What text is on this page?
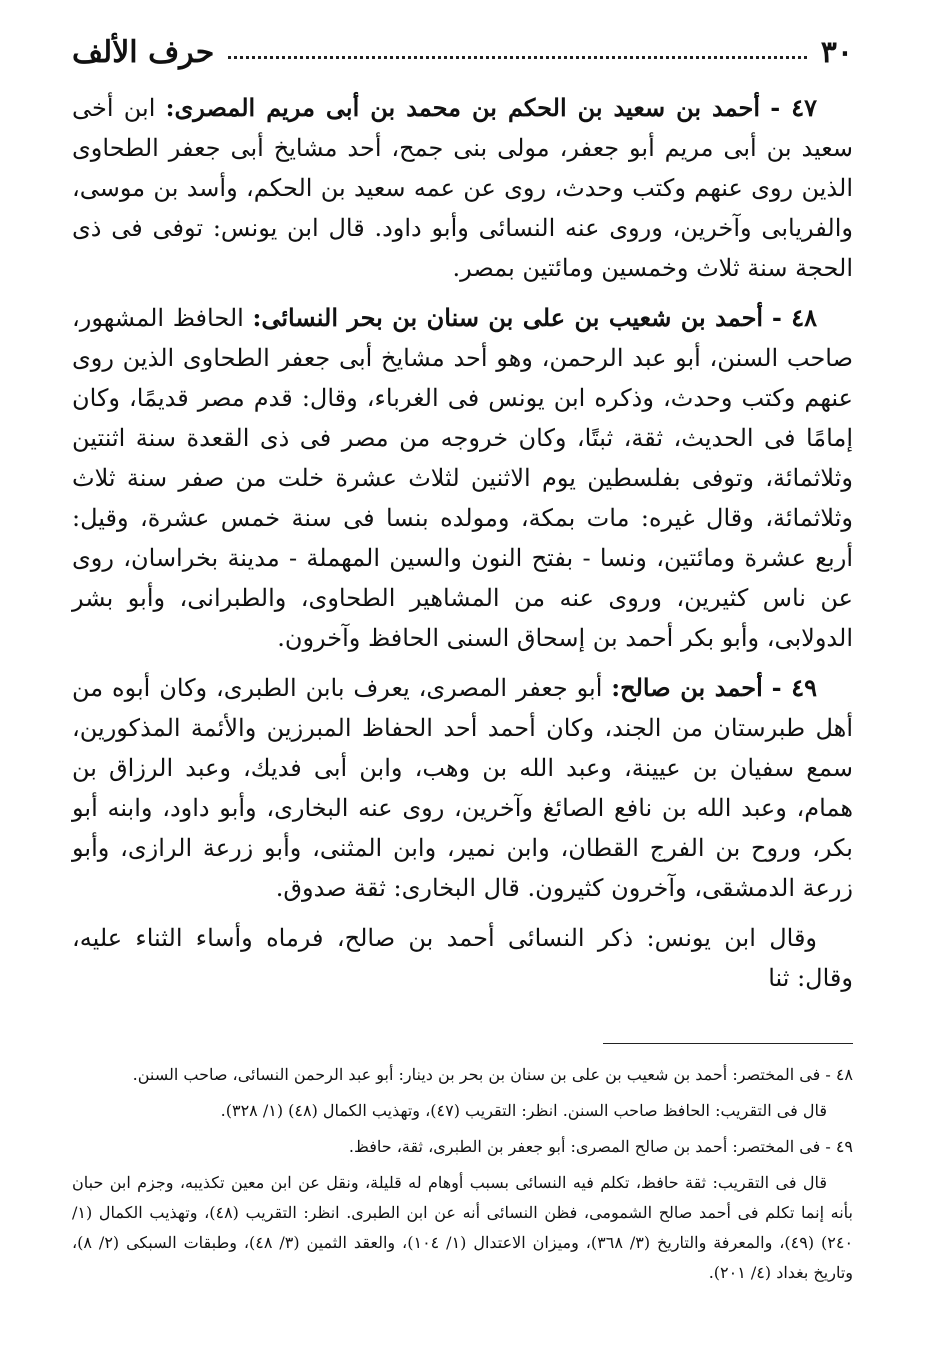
٣٠
حرف الألف

٤٧ - أحمد بن سعيد بن الحكم بن محمد بن أبى مريم المصرى: ابن أخى سعيد بن أبى مريم أبو جعفر، مولى بنى جمح، أحد مشايخ أبى جعفر الطحاوى الذين روى عنهم وكتب وحدث، روى عن عمه سعيد بن الحكم، وأسد بن موسى، والفريابى وآخرين، وروى عنه النسائى وأبو داود. قال ابن يونس: توفى فى ذى الحجة سنة ثلاث وخمسين ومائتين بمصر.

٤٨ - أحمد بن شعيب بن على بن سنان بن بحر النسائى: الحافظ المشهور، صاحب السنن، أبو عبد الرحمن، وهو أحد مشايخ أبى جعفر الطحاوى الذين روى عنهم وكتب وحدث، وذكره ابن يونس فى الغرباء، وقال: قدم مصر قديمًا، وكان إمامًا فى الحديث، ثقة، ثبتًا، وكان خروجه من مصر فى ذى القعدة سنة اثنتين وثلاثمائة، وتوفى بفلسطين يوم الاثنين لثلاث عشرة خلت من صفر سنة ثلاث وثلاثمائة، وقال غيره: مات بمكة، ومولده بنسا فى سنة خمس عشرة، وقيل: أربع عشرة ومائتين، ونسا - بفتح النون والسين المهملة - مدينة بخراسان، روى عن ناس كثيرين، وروى عنه من المشاهير الطحاوى، والطبرانى، وأبو بشر الدولابى، وأبو بكر أحمد بن إسحاق السنى الحافظ وآخرون.

٤٩ - أحمد بن صالح: أبو جعفر المصرى، يعرف بابن الطبرى، وكان أبوه من أهل طبرستان من الجند، وكان أحمد أحد الحفاظ المبرزين والأئمة المذكورين، سمع سفيان بن عيينة، وعبد الله بن وهب، وابن أبى فديك، وعبد الرزاق بن همام، وعبد الله بن نافع الصائغ وآخرين، روى عنه البخارى، وأبو داود، وابنه أبو بكر، وروح بن الفرج القطان، وابن نمير، وابن المثنى، وأبو زرعة الرازى، وأبو زرعة الدمشقى، وآخرون كثيرون. قال البخارى: ثقة صدوق.

وقال ابن يونس: ذكر النسائى أحمد بن صالح، فرماه وأساء الثناء عليه، وقال: ثنا

٤٨ - فى المختصر: أحمد بن شعيب بن على بن سنان بن بحر بن دينار: أبو عبد الرحمن النسائى، صاحب السنن.

قال فى التقريب: الحافظ صاحب السنن. انظر: التقريب (٤٧)، وتهذيب الكمال (٤٨) (١/ ٣٢٨).

٤٩ - فى المختصر: أحمد بن صالح المصرى: أبو جعفر بن الطبرى، ثقة، حافظ.

قال فى التقريب: ثقة حافظ، تكلم فيه النسائى بسبب أوهام له قليلة، ونقل عن ابن معين تكذيبه، وجزم ابن حبان بأنه إنما تكلم فى أحمد صالح الشمومى، فظن النسائى أنه عن ابن الطبرى. انظر: التقريب (٤٨)، وتهذيب الكمال (١/ ٢٤٠) (٤٩)، والمعرفة والتاريخ (٣/ ٣٦٨)، وميزان الاعتدال (١/ ١٠٤)، والعقد الثمين (٣/ ٤٨)، وطبقات السبكى (٢/ ٨)، وتاريخ بغداد (٤/ ٢٠١).
